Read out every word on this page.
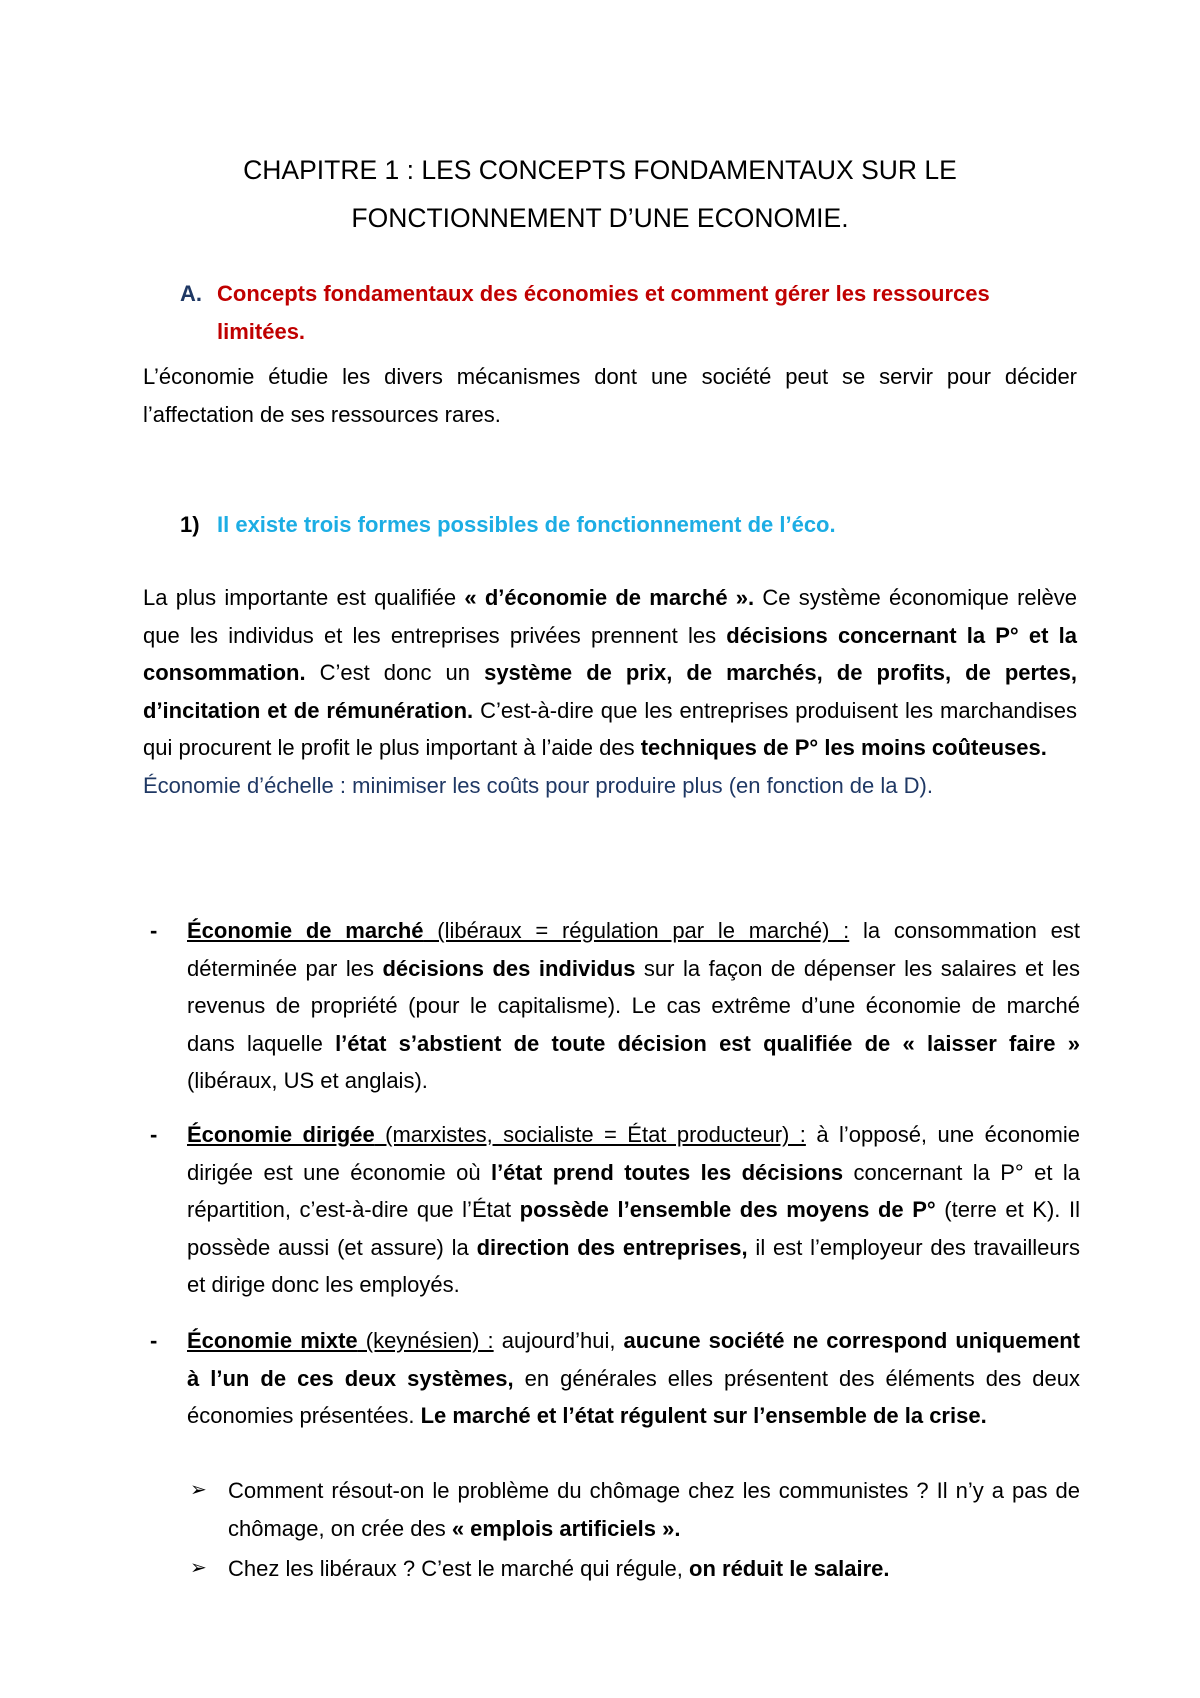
CHAPITRE 1 : LES CONCEPTS FONDAMENTAUX SUR LE
FONCTIONNEMENT D’UNE ECONOMIE.
A. Concepts fondamentaux des économies et comment gérer les ressources limitées.
L’économie étudie les divers mécanismes dont une société peut se servir pour décider l’affectation de ses ressources rares.
1) Il existe trois formes possibles de fonctionnement de l’éco.
La plus importante est qualifiée « d’économie de marché ». Ce système économique relève que les individus et les entreprises privées prennent les décisions concernant la P° et la consommation. C’est donc un système de prix, de marchés, de profits, de pertes, d’incitation et de rémunération. C’est-à-dire que les entreprises produisent les marchandises qui procurent le profit le plus important à l’aide des techniques de P° les moins coûteuses.
Économie d’échelle : minimiser les coûts pour produire plus (en fonction de la D).
- Économie de marché (libéraux = régulation par le marché) : la consommation est déterminée par les décisions des individus sur la façon de dépenser les salaires et les revenus de propriété (pour le capitalisme). Le cas extrême d’une économie de marché dans laquelle l’état s’abstient de toute décision est qualifiée de « laisser faire » (libéraux, US et anglais).
- Économie dirigée (marxistes, socialiste = État producteur) : à l’opposé, une économie dirigée est une économie où l’état prend toutes les décisions concernant la P° et la répartition, c’est-à-dire que l’État possède l’ensemble des moyens de P° (terre et K). Il possède aussi (et assure) la direction des entreprises, il est l’employeur des travailleurs et dirige donc les employés.
- Économie mixte (keynésien) : aujourd’hui, aucune société ne correspond uniquement à l’un de ces deux systèmes, en générales elles présentent des éléments des deux économies présentées. Le marché et l’état régulent sur l’ensemble de la crise.
➢ Comment résout-on le problème du chômage chez les communistes ? Il n’y a pas de chômage, on crée des « emplois artificiels ».
➢ Chez les libéraux ? C’est le marché qui régule, on réduit le salaire.
